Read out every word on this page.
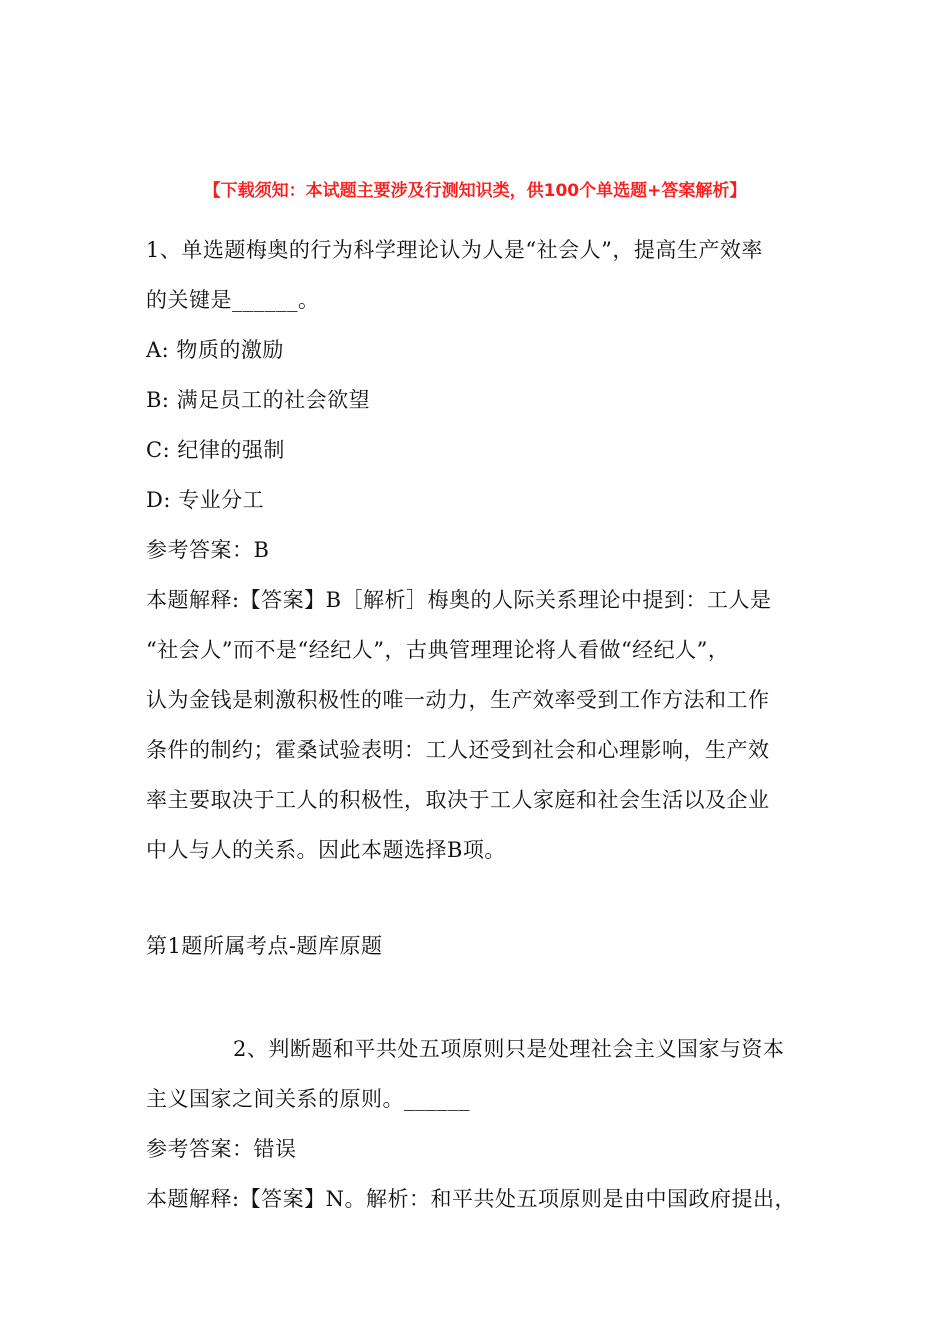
【下载须知：本试题主要涉及行测知识类，供100个单选题+答案解析】
1、单选题梅奥的行为科学理论认为人是“社会人”，提高生产效率
的关键是______。
A: 物质的激励
B: 满足员工的社会欲望
C: 纪律的强制
D: 专业分工
参考答案：B
本题解释:【答案】B［解析］梅奥的人际关系理论中提到：工人是
“社会人”而不是“经纪人”，古典管理理论将人看做“经纪人”，
认为金钱是刺激积极性的唯一动力，生产效率受到工作方法和工作
条件的制约；霍桑试验表明：工人还受到社会和心理影响，生产效
率主要取决于工人的积极性，取决于工人家庭和社会生活以及企业
中人与人的关系。因此本题选择B项。
第1题所属考点-题库原题
2、判断题和平共处五项原则只是处理社会主义国家与资本
主义国家之间关系的原则。______
参考答案：错误
本题解释:【答案】N。解析：和平共处五项原则是由中国政府提出，
